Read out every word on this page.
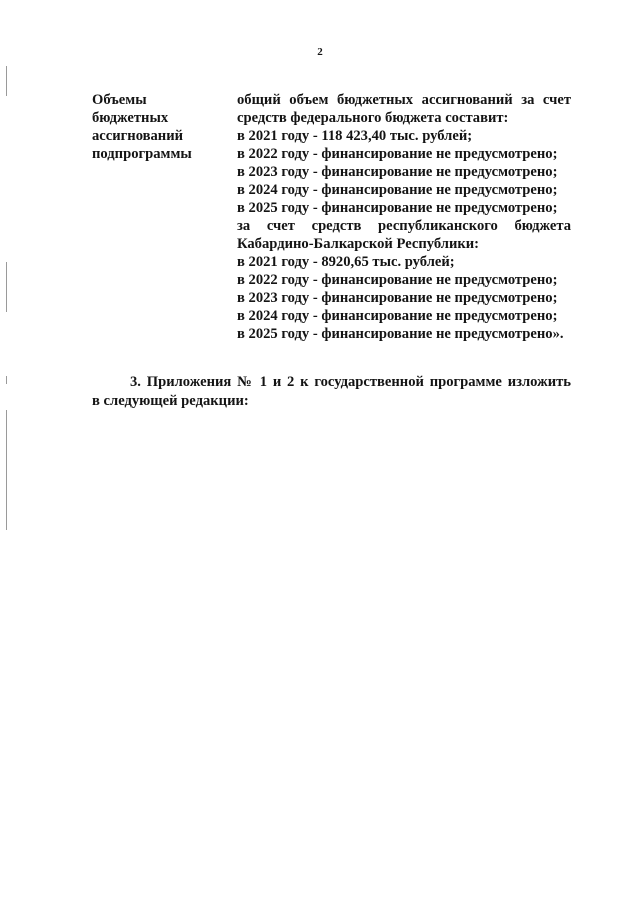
2
Объемы
бюджетных
ассигнований
подпрограммы
общий объем бюджетных ассигнований за счет
средств федерального бюджета составит:
в 2021 году - 118 423,40 тыс. рублей;
в 2022 году - финансирование не предусмотрено;
в 2023 году - финансирование не предусмотрено;
в 2024 году - финансирование не предусмотрено;
в 2025 году - финансирование не предусмотрено;
за счет средств республиканского бюджета
Кабардино-Балкарской Республики:
в 2021 году - 8920,65 тыс. рублей;
в 2022 году - финансирование не предусмотрено;
в 2023 году - финансирование не предусмотрено;
в 2024 году - финансирование не предусмотрено;
в 2025 году - финансирование не предусмотрено».
3. Приложения № 1 и 2 к государственной программе изложить
в следующей редакции:
